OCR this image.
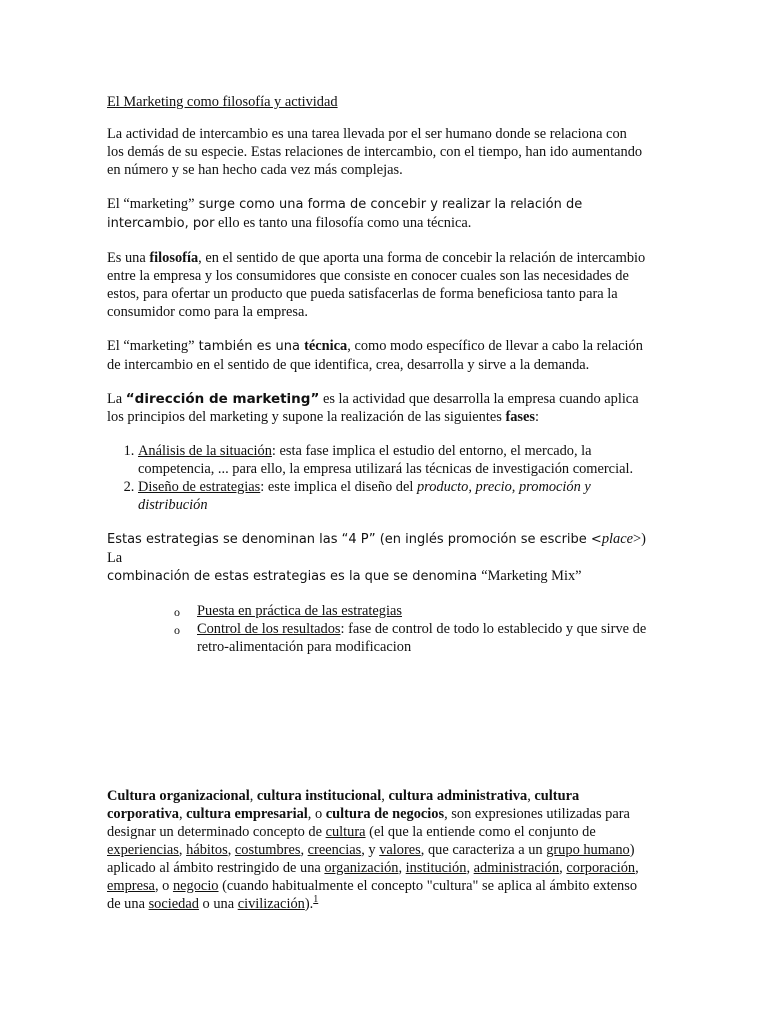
El Marketing como filosofía y actividad

La actividad de intercambio es una tarea llevada por el ser humano donde se relaciona con los demás de su especie. Estas relaciones de intercambio, con el tiempo, han ido aumentando en número y se han hecho cada vez más complejas.

El “marketing” surge como una forma de concebir y realizar la relación de intercambio, por ello es tanto una filosofía como una técnica.

Es una filosofía, en el sentido de que aporta una forma de concebir la relación de intercambio entre la empresa y los consumidores que consiste en conocer cuales son las necesidades de estos, para ofertar un producto que pueda satisfacerlas de forma beneficiosa tanto para la consumidor como para la empresa.

El “marketing” también es una técnica, como modo específico de llevar a cabo la relación de intercambio en el sentido de que identifica, crea, desarrolla y sirve a la demanda.

La “dirección de marketing” es la actividad que desarrolla la empresa cuando aplica los principios del marketing y supone la realización de las siguientes fases:

1. Análisis de la situación: esta fase implica el estudio del entorno, el mercado, la competencia, ... para ello, la empresa utilizará las técnicas de investigación comercial.
2. Diseño de estrategias: este implica el diseño del producto, precio, promoción y distribución

Estas estrategias se denominan las “4 P” (en inglés promoción se escribe <place>) La
combinación de estas estrategias es la que se denomina “Marketing Mix”

o Puesta en práctica de las estrategias
o Control de los resultados: fase de control de todo lo establecido y que sirve de retro-alimentación para modificacion

Cultura organizacional, cultura institucional, cultura administrativa, cultura corporativa, cultura empresarial, o cultura de negocios, son expresiones utilizadas para designar un determinado concepto de cultura (el que la entiende como el conjunto de experiencias, hábitos, costumbres, creencias, y valores, que caracteriza a un grupo humano) aplicado al ámbito restringido de una organización, institución, administración, corporación, empresa, o negocio (cuando habitualmente el concepto "cultura" se aplica al ámbito extenso de una sociedad o una civilización).$^1$
